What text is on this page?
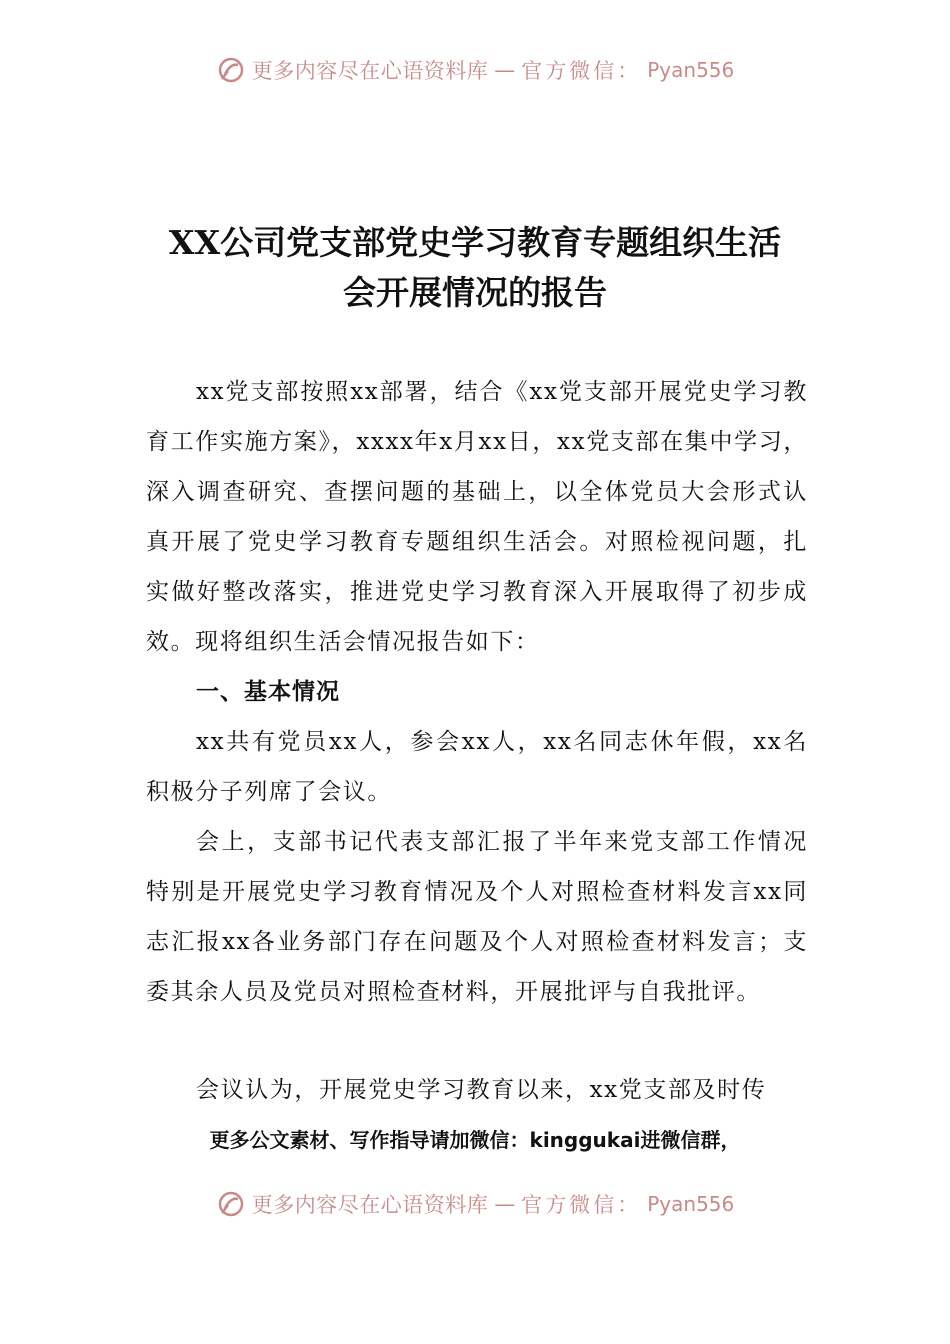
更多内容尽在心语资料库 — 官方微信： Pyan556
XX公司党支部党史学习教育专题组织生活
会开展情况的报告
xx党支部按照xx部署，结合《xx党支部开展党史学习教育工作实施方案》，xxxx年x月xx日，xx党支部在集中学习，深入调查研究、查摆问题的基础上，以全体党员大会形式认真开展了党史学习教育专题组织生活会。对照检视问题，扎实做好整改落实，推进党史学习教育深入开展取得了初步成效。现将组织生活会情况报告如下：
一、基本情况
xx共有党员xx人，参会xx人，xx名同志休年假，xx名积极分子列席了会议。
会上，支部书记代表支部汇报了半年来党支部工作情况特别是开展党史学习教育情况及个人对照检查材料发言xx同志汇报xx各业务部门存在问题及个人对照检查材料发言；支委其余人员及党员对照检查材料，开展批评与自我批评。
会议认为，开展党史学习教育以来，xx党支部及时传
更多公文素材、写作指导请加微信：kinggukai进微信群，
更多内容尽在心语资料库 — 官方微信： Pyan556
